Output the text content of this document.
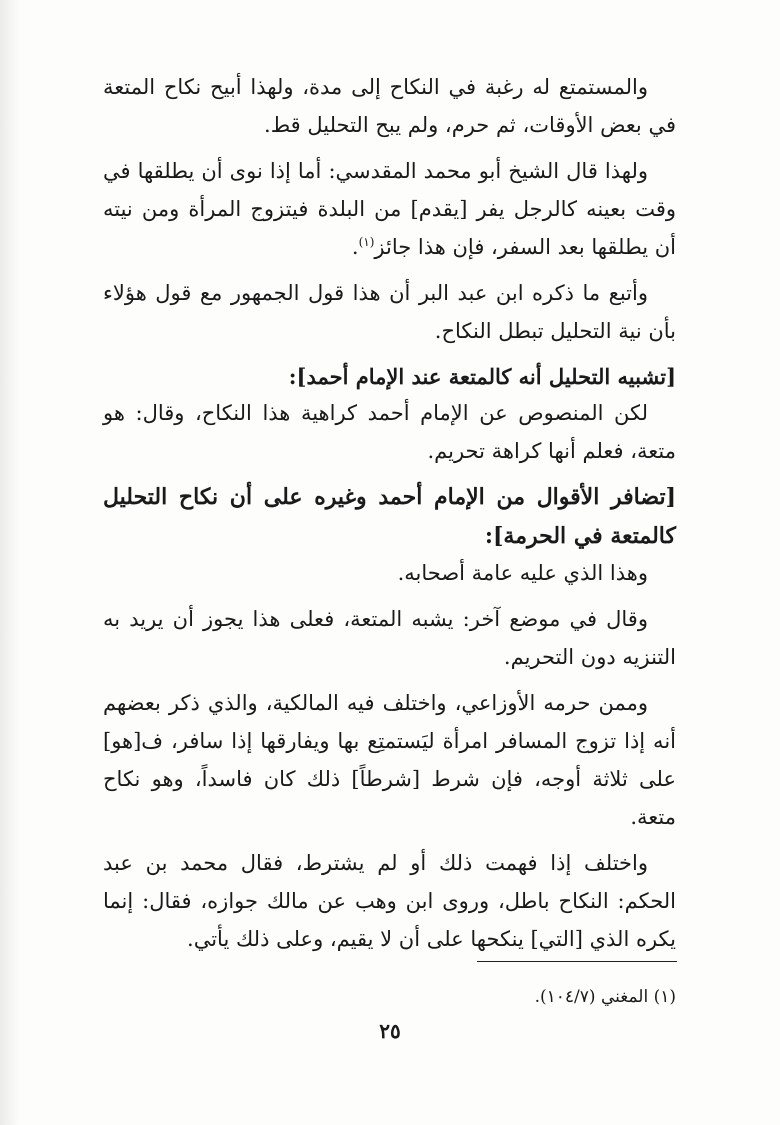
والمستمتع له رغبة في النكاح إلى مدة، ولهذا أبيح نكاح المتعة في بعض الأوقات، ثم حرم، ولم يبح التحليل قط.

ولهذا قال الشيخ أبو محمد المقدسي: أما إذا نوى أن يطلقها في وقت بعينه كالرجل يفر [يقدم] من البلدة فيتزوج المرأة ومن نيته أن يطلقها بعد السفر، فإن هذا جائز$^{(١)}$.

وأتبع ما ذكره ابن عبد البر أن هذا قول الجمهور مع قول هؤلاء بأن نية التحليل تبطل النكاح.

[تشبيه التحليل أنه كالمتعة عند الإمام أحمد]:

لكن المنصوص عن الإمام أحمد كراهية هذا النكاح، وقال: هو متعة، فعلم أنها كراهة تحريم.

[تضافر الأقوال من الإمام أحمد وغيره على أن نكاح التحليل كالمتعة في الحرمة]:

وهذا الذي عليه عامة أصحابه.

وقال في موضع آخر: يشبه المتعة، فعلى هذا يجوز أن يريد به التنزيه دون التحريم.

وممن حرمه الأوزاعي، واختلف فيه المالكية، والذي ذكر بعضهم أنه إذا تزوج المسافر امرأة ليَستمتِع بها ويفارقها إذا سافر، ف[هو] على ثلاثة أوجه، فإن شرط [شرطاً] ذلك كان فاسداً، وهو نكاح متعة.

واختلف إذا فهمت ذلك أو لم يشترط، فقال محمد بن عبد الحكم: النكاح باطل، وروى ابن وهب عن مالك جوازه، فقال: إنما يكره الذي [التي] ينكحها على أن لا يقيم، وعلى ذلك يأتي.

(١) المغني (١٠٤/٧).
٢٥
